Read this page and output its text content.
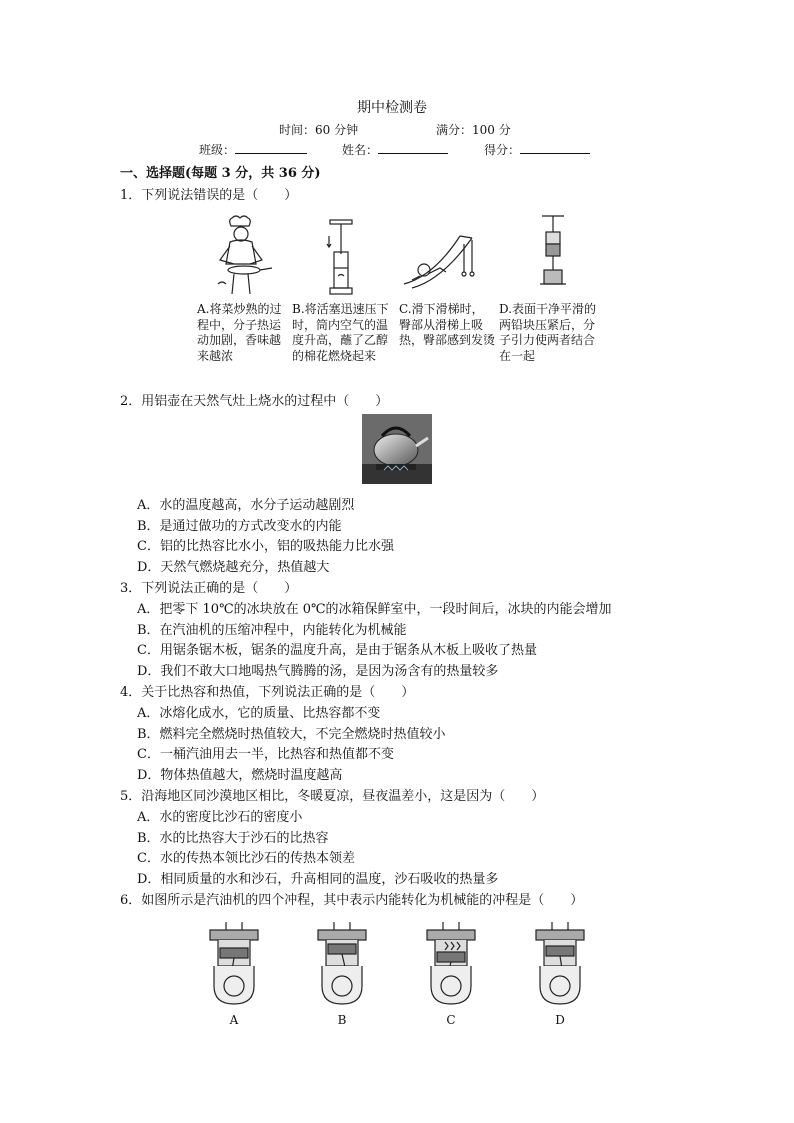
期中检测卷
时间：60 分钟	满分：100 分
班级：	姓名：	得分：
一、选择题(每题 3 分，共 36 分)
1．下列说法错误的是（　　）
A.将菜炒熟的过程中，分子热运动加剧，香味越来越浓
B.将活塞迅速压下时，筒内空气的温度升高，蘸了乙醇的棉花燃烧起来
C.滑下滑梯时，臀部从滑梯上吸热，臀部感到发烫
D.表面干净平滑的两铅块压紧后，分子引力使两者结合在一起
2．用铝壶在天然气灶上烧水的过程中（　　）
A．水的温度越高，水分子运动越剧烈
B．是通过做功的方式改变水的内能
C．铝的比热容比水小，铝的吸热能力比水强
D．天然气燃烧越充分，热值越大
3．下列说法正确的是（　　）
A．把零下 10℃的冰块放在 0℃的冰箱保鲜室中，一段时间后，冰块的内能会增加
B．在汽油机的压缩冲程中，内能转化为机械能
C．用锯条锯木板，锯条的温度升高，是由于锯条从木板上吸收了热量
D．我们不敢大口地喝热气腾腾的汤，是因为汤含有的热量较多
4．关于比热容和热值，下列说法正确的是（　　）
A．冰熔化成水，它的质量、比热容都不变
B．燃料完全燃烧时热值较大，不完全燃烧时热值较小
C．一桶汽油用去一半，比热容和热值都不变
D．物体热值越大，燃烧时温度越高
5．沿海地区同沙漠地区相比，冬暖夏凉，昼夜温差小，这是因为（　　）
A．水的密度比沙石的密度小
B．水的比热容大于沙石的比热容
C．水的传热本领比沙石的传热本领差
D．相同质量的水和沙石，升高相同的温度，沙石吸收的热量多
6．如图所示是汽油机的四个冲程，其中表示内能转化为机械能的冲程是（　　）
A	B	C	D
